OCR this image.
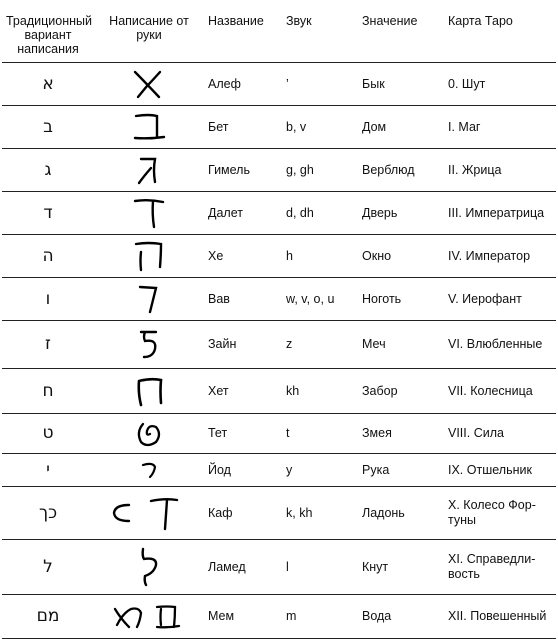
Традиционный вариант написания	Написание от руки	Название	Звук	Значение	Карта Таро
א		Алеф	’	Бык	0. Шут
ב		Бет	b, v	Дом	I. Маг
ג		Гимель	g, gh	Верблюд	II. Жрица
ד		Далет	d, dh	Дверь	III. Императрица
ה		Хе	h	Окно	IV. Император
ו		Вав	w, v, o, u	Ноготь	V. Иерофант
ז		Зайн	z	Меч	VI. Влюбленные
ח		Хет	kh	Забор	VII. Колесница
ט		Тет	t	Змея	VIII. Сила
י		Йод	y	Рука	IX. Отшельник
כך		Каф	k, kh	Ладонь	X. Колесо Фор-туны
ל		Ламед	l	Кнут	XI. Справедли-вость
מם		Мем	m	Вода	XII. Повешенный
